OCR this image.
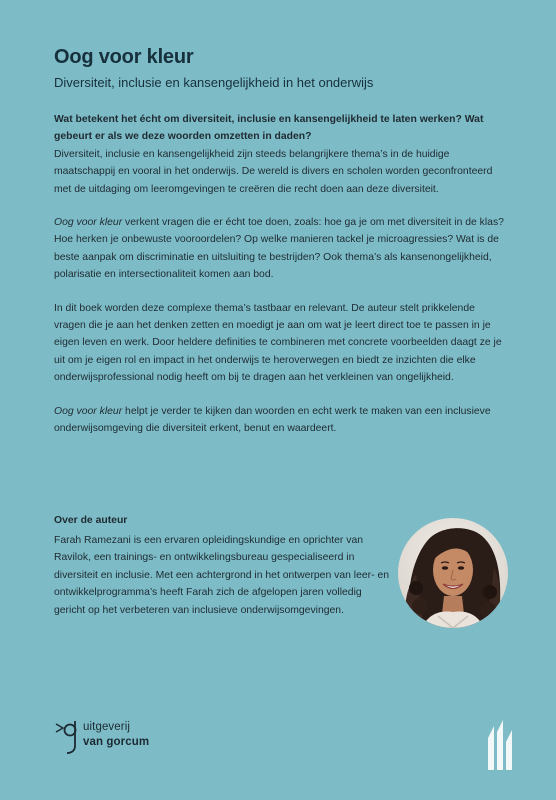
Oog voor kleur
Diversiteit, inclusie en kansengelijkheid in het onderwijs

Wat betekent het écht om diversiteit, inclusie en kansengelijkheid te laten werken? Wat gebeurt er als we deze woorden omzetten in daden?

Diversiteit, inclusie en kansengelijkheid zijn steeds belangrijkere thema’s in de huidige maatschappij en vooral in het onderwijs. De wereld is divers en scholen worden geconfronteerd met de uitdaging om leeromgevingen te creëren die recht doen aan deze diversiteit.

Oog voor kleur verkent vragen die er écht toe doen, zoals: hoe ga je om met diversiteit in de klas? Hoe herken je onbewuste vooroordelen? Op welke manieren tackel je microagressies? Wat is de beste aanpak om discriminatie en uitsluiting te bestrijden? Ook thema’s als kansenongelijkheid, polarisatie en intersectionaliteit komen aan bod.

In dit boek worden deze complexe thema’s tastbaar en relevant. De auteur stelt prikkelende vragen die je aan het denken zetten en moedigt je aan om wat je leert direct toe te passen in je eigen leven en werk. Door heldere definities te combineren met concrete voorbeelden daagt ze je uit om je eigen rol en impact in het onderwijs te heroverwegen en biedt ze inzichten die elke onderwijsprofessional nodig heeft om bij te dragen aan het verkleinen van ongelijkheid.

Oog voor kleur helpt je verder te kijken dan woorden en echt werk te maken van een inclusieve onderwijsomgeving die diversiteit erkent, benut en waardeert.

Over de auteur
Farah Ramezani is een ervaren opleidingskundige en oprichter van Ravilok, een trainings- en ontwikkelingsbureau gespecialiseerd in diversiteit en inclusie. Met een achtergrond in het ontwerpen van leer- en ontwikkelprogramma’s heeft Farah zich de afgelopen jaren volledig gericht op het verbeteren van inclusieve onderwijsomgevingen.
uitgeverij
van gorcum
